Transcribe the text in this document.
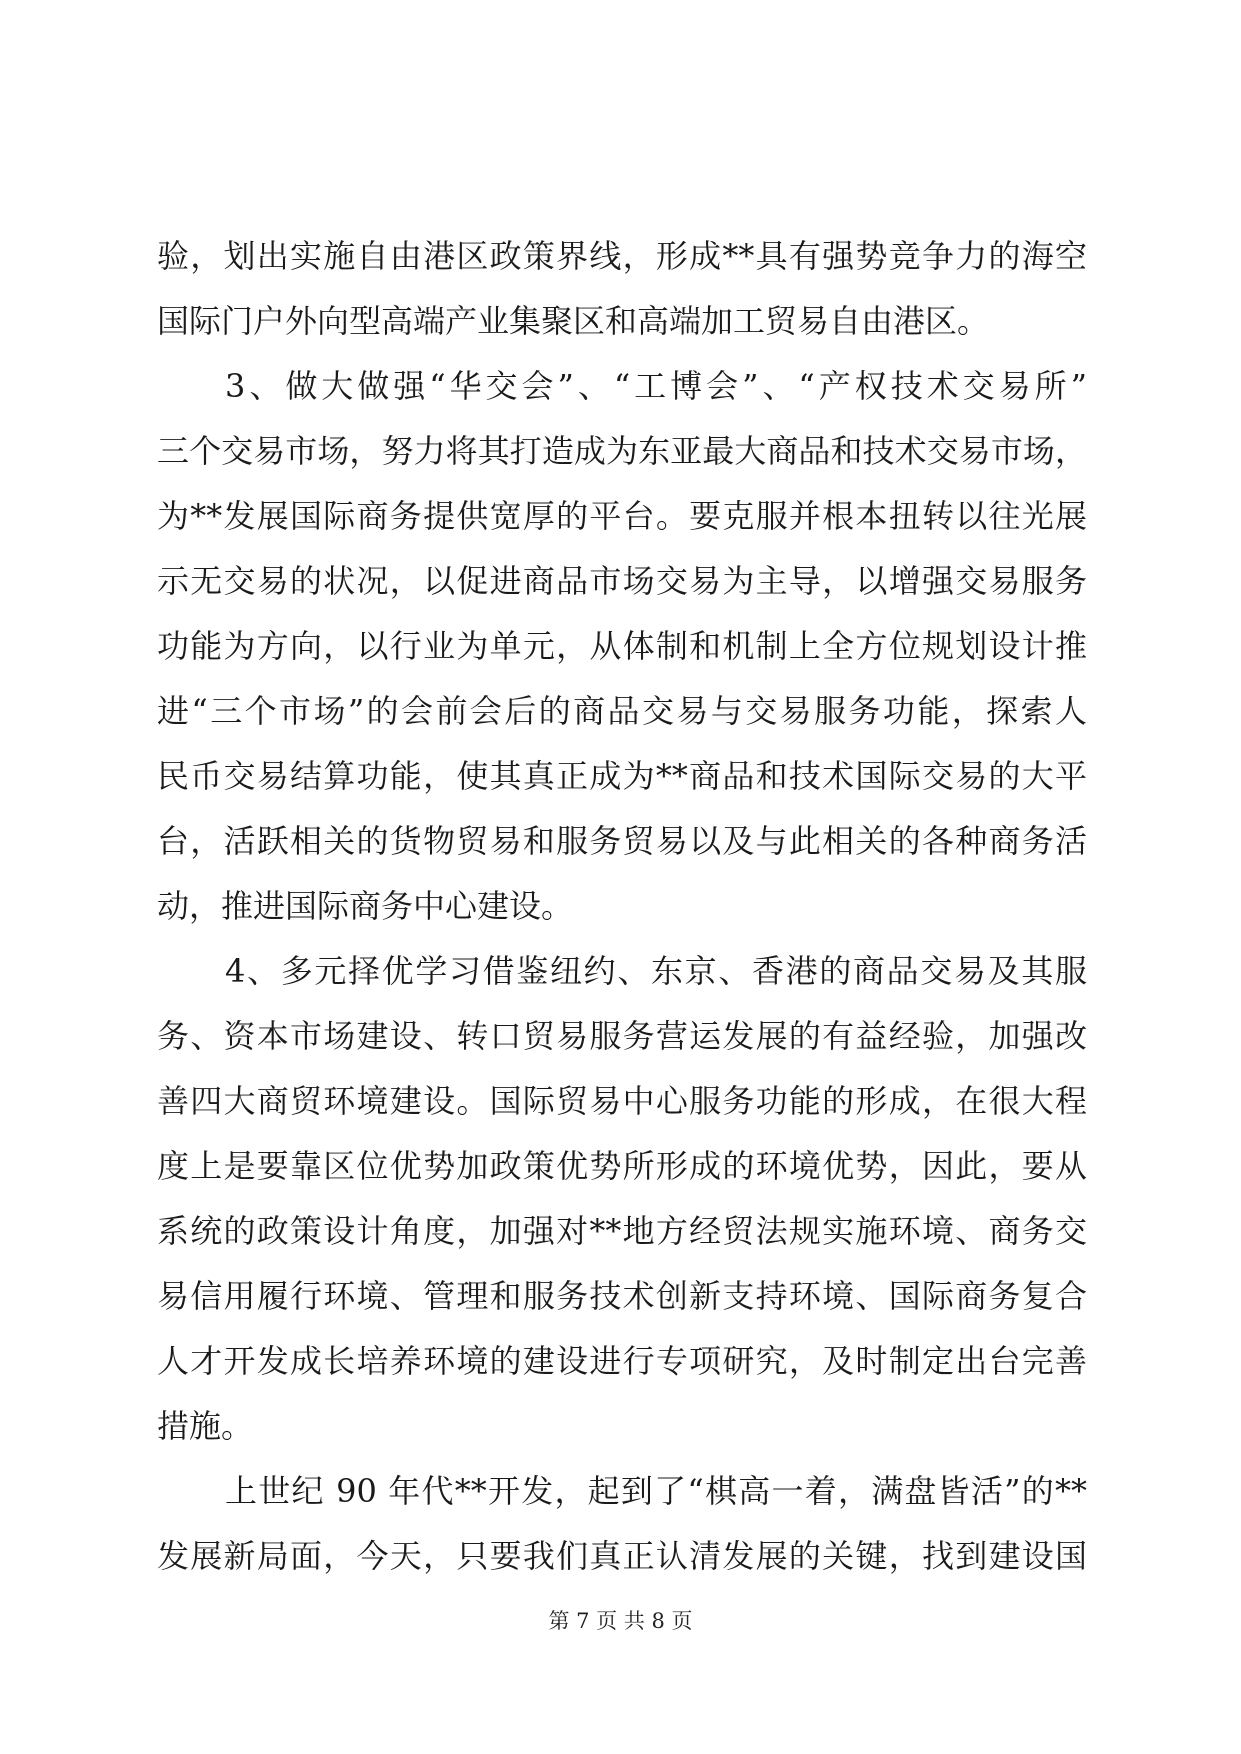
验，划出实施自由港区政策界线，形成**具有强势竞争力的海空
国际门户外向型高端产业集聚区和高端加工贸易自由港区。
3、做大做强“华交会”、“工博会”、“产权技术交易所”
三个交易市场，努力将其打造成为东亚最大商品和技术交易市场，
为**发展国际商务提供宽厚的平台。要克服并根本扭转以往光展
示无交易的状况，以促进商品市场交易为主导，以增强交易服务
功能为方向，以行业为单元，从体制和机制上全方位规划设计推
进“三个市场”的会前会后的商品交易与交易服务功能，探索人
民币交易结算功能，使其真正成为**商品和技术国际交易的大平
台，活跃相关的货物贸易和服务贸易以及与此相关的各种商务活
动，推进国际商务中心建设。
4、多元择优学习借鉴纽约、东京、香港的商品交易及其服
务、资本市场建设、转口贸易服务营运发展的有益经验，加强改
善四大商贸环境建设。国际贸易中心服务功能的形成，在很大程
度上是要靠区位优势加政策优势所形成的环境优势，因此，要从
系统的政策设计角度，加强对**地方经贸法规实施环境、商务交
易信用履行环境、管理和服务技术创新支持环境、国际商务复合
人才开发成长培养环境的建设进行专项研究，及时制定出台完善
措施。
上世纪 90 年代**开发，起到了“棋高一着，满盘皆活”的**
发展新局面，今天，只要我们真正认清发展的关键，找到建设国
第 7 页 共 8 页
